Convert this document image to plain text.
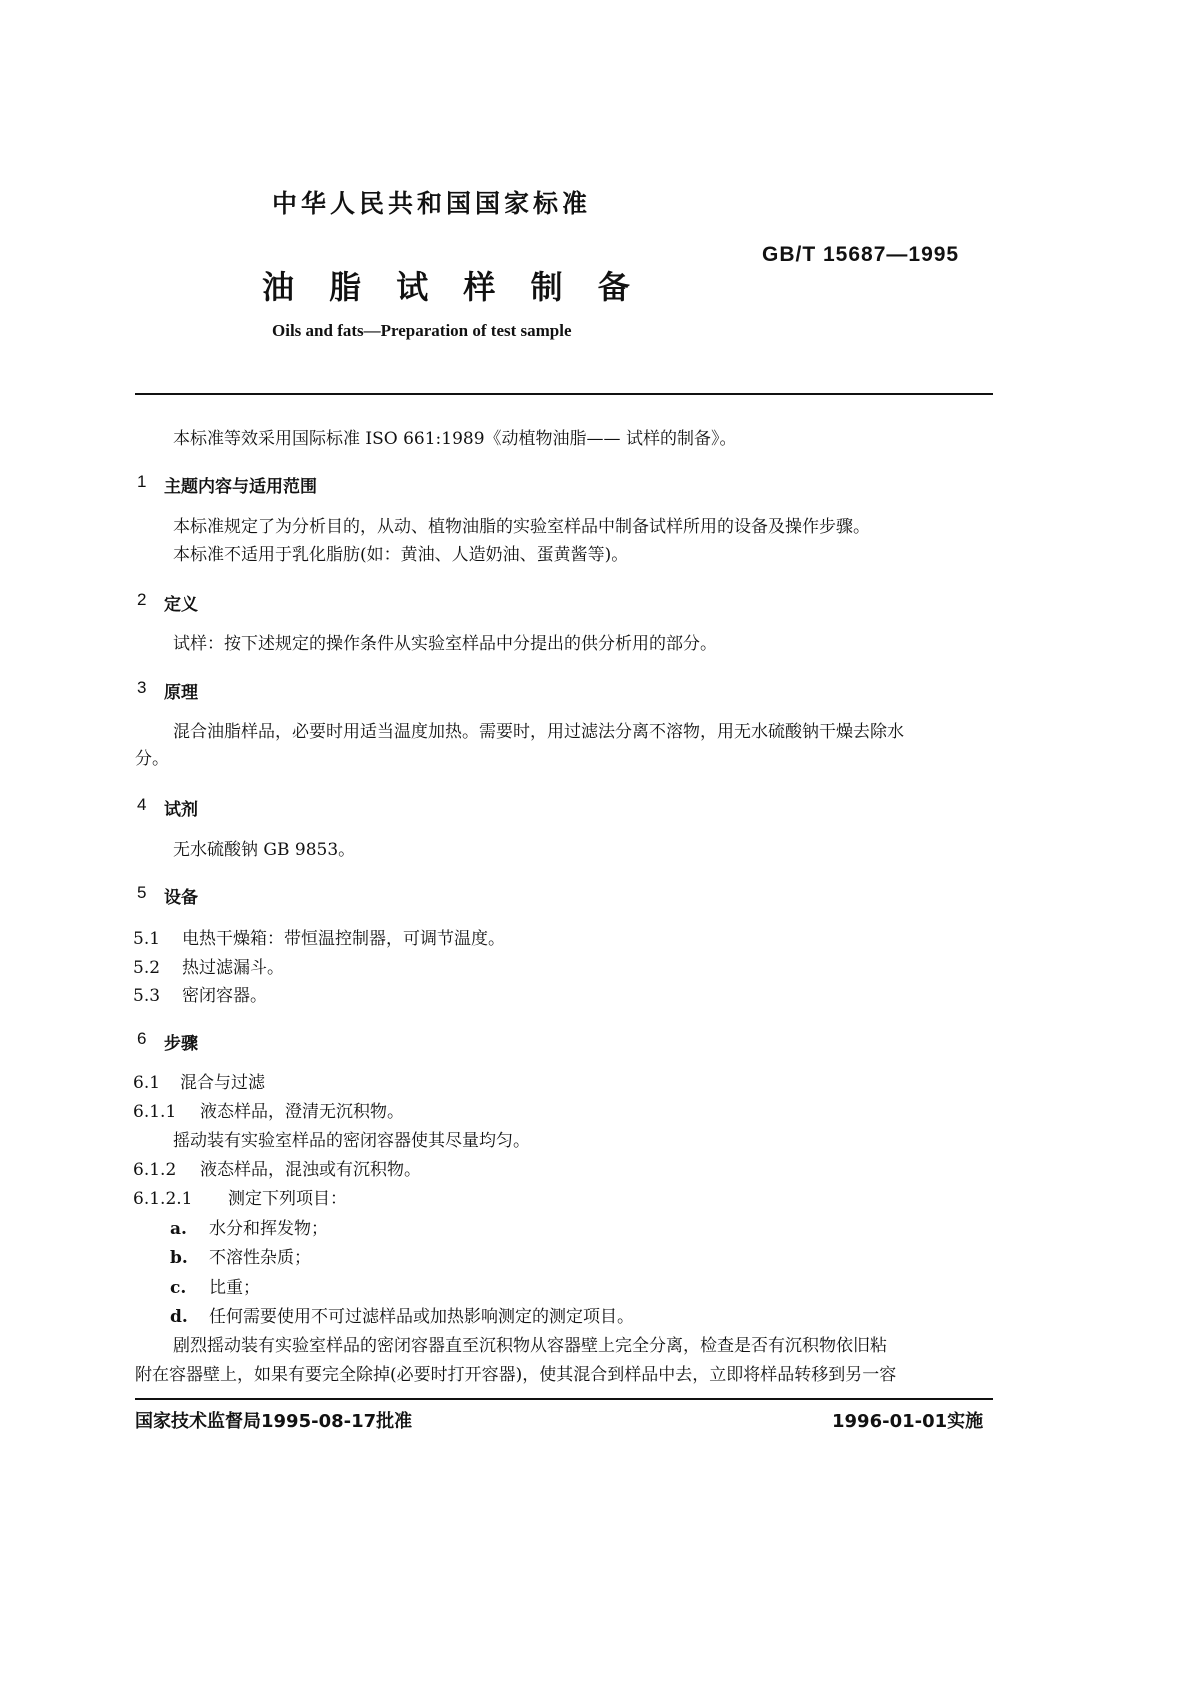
中华人民共和国国家标准
GB/T 15687—1995
油 脂 试 样 制 备
Oils and fats—Preparation of test sample
本标准等效采用国际标准 ISO 661:1989《动植物油脂—— 试样的制备》。
1 主题内容与适用范围
本标准规定了为分析目的，从动、植物油脂的实验室样品中制备试样所用的设备及操作步骤。
本标准不适用于乳化脂肪(如：黄油、人造奶油、蛋黄酱等)。
2 定义
试样：按下述规定的操作条件从实验室样品中分提出的供分析用的部分。
3 原理
混合油脂样品，必要时用适当温度加热。需要时，用过滤法分离不溶物，用无水硫酸钠干燥去除水
分。
4 试剂
无水硫酸钠 GB 9853。
5 设备
5.1 电热干燥箱：带恒温控制器，可调节温度。
5.2 热过滤漏斗。
5.3 密闭容器。
6 步骤
6.1 混合与过滤
6.1.1 液态样品，澄清无沉积物。
摇动装有实验室样品的密闭容器使其尽量均匀。
6.1.2 液态样品，混浊或有沉积物。
6.1.2.1 测定下列项目：
a. 水分和挥发物；
b. 不溶性杂质；
c. 比重；
d. 任何需要使用不可过滤样品或加热影响测定的测定项目。
剧烈摇动装有实验室样品的密闭容器直至沉积物从容器壁上完全分离，检查是否有沉积物依旧粘
附在容器壁上，如果有要完全除掉(必要时打开容器)，使其混合到样品中去，立即将样品转移到另一容
国家技术监督局1995-08-17批准	1996-01-01实施
